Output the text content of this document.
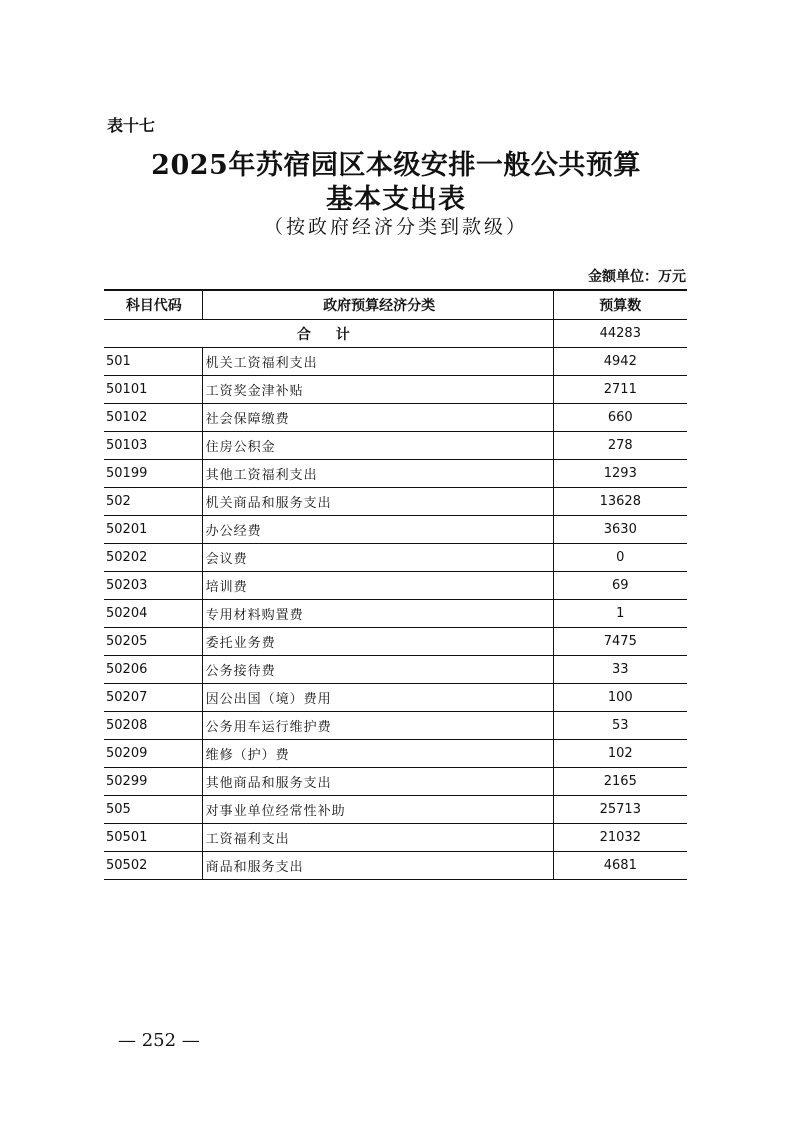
表十七
2025年苏宿园区本级安排一般公共预算
基本支出表
（按政府经济分类到款级）
金额单位：万元
科目代码	政府预算经济分类	预算数
合 计		44283
501	机关工资福利支出	4942
50101	工资奖金津补贴	2711
50102	社会保障缴费	660
50103	住房公积金	278
50199	其他工资福利支出	1293
502	机关商品和服务支出	13628
50201	办公经费	3630
50202	会议费	0
50203	培训费	69
50204	专用材料购置费	1
50205	委托业务费	7475
50206	公务接待费	33
50207	因公出国（境）费用	100
50208	公务用车运行维护费	53
50209	维修（护）费	102
50299	其他商品和服务支出	2165
505	对事业单位经常性补助	25713
50501	工资福利支出	21032
50502	商品和服务支出	4681
— 252 —
